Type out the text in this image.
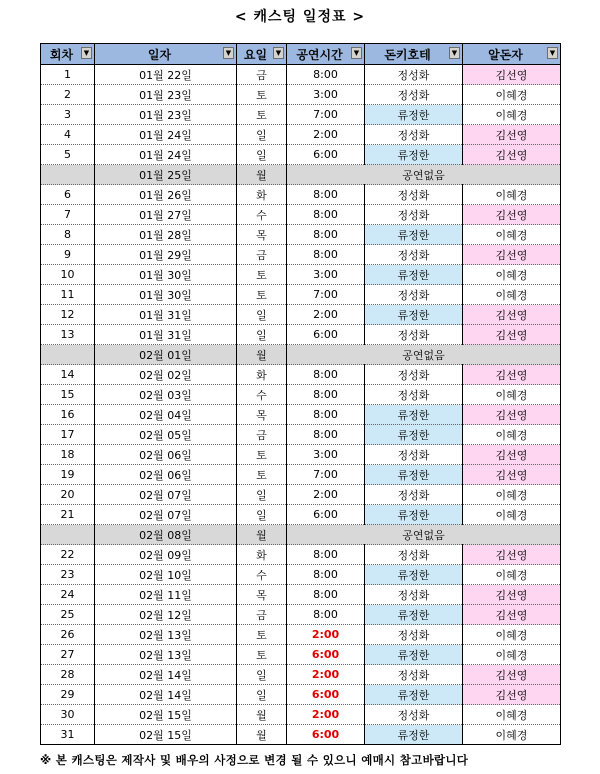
< 캐스팅 일정표 >
회차 ▼	일자 ▼	요일 ▼	공연시간 ▼	돈키호테 ▼	알돈자 ▼

1	01월 22일	금	8:00	정성화	김선영
2	01월 23일	토	3:00	정성화	이혜경
3	01월 23일	토	7:00	류정한	이혜경
4	01월 24일	일	2:00	정성화	김선영
5	01월 24일	일	6:00	류정한	김선영
	01월 25일	월	공연없음		
6	01월 26일	화	8:00	정성화	이혜경
7	01월 27일	수	8:00	정성화	김선영
8	01월 28일	목	8:00	류정한	이혜경
9	01월 29일	금	8:00	정성화	김선영
10	01월 30일	토	3:00	류정한	이혜경
11	01월 30일	토	7:00	정성화	이혜경
12	01월 31일	일	2:00	류정한	김선영
13	01월 31일	일	6:00	정성화	김선영
	02월 01일	월	공연없음		
14	02월 02일	화	8:00	정성화	김선영
15	02월 03일	수	8:00	정성화	이혜경
16	02월 04일	목	8:00	류정한	김선영
17	02월 05일	금	8:00	류정한	이혜경
18	02월 06일	토	3:00	정성화	김선영
19	02월 06일	토	7:00	류정한	김선영
20	02월 07일	일	2:00	정성화	이혜경
21	02월 07일	일	6:00	류정한	이혜경
	02월 08일	월	공연없음		
22	02월 09일	화	8:00	정성화	김선영
23	02월 10일	수	8:00	류정한	이혜경
24	02월 11일	목	8:00	정성화	김선영
25	02월 12일	금	8:00	류정한	김선영
26	02월 13일	토	2:00	정성화	이혜경
27	02월 13일	토	6:00	류정한	이혜경
28	02월 14일	일	2:00	정성화	김선영
29	02월 14일	일	6:00	류정한	김선영
30	02월 15일	월	2:00	정성화	이혜경
31	02월 15일	월	6:00	류정한	이혜경
※ 본 캐스팅은 제작사 및 배우의 사정으로 변경 될 수 있으니 예매시 참고바랍니다
